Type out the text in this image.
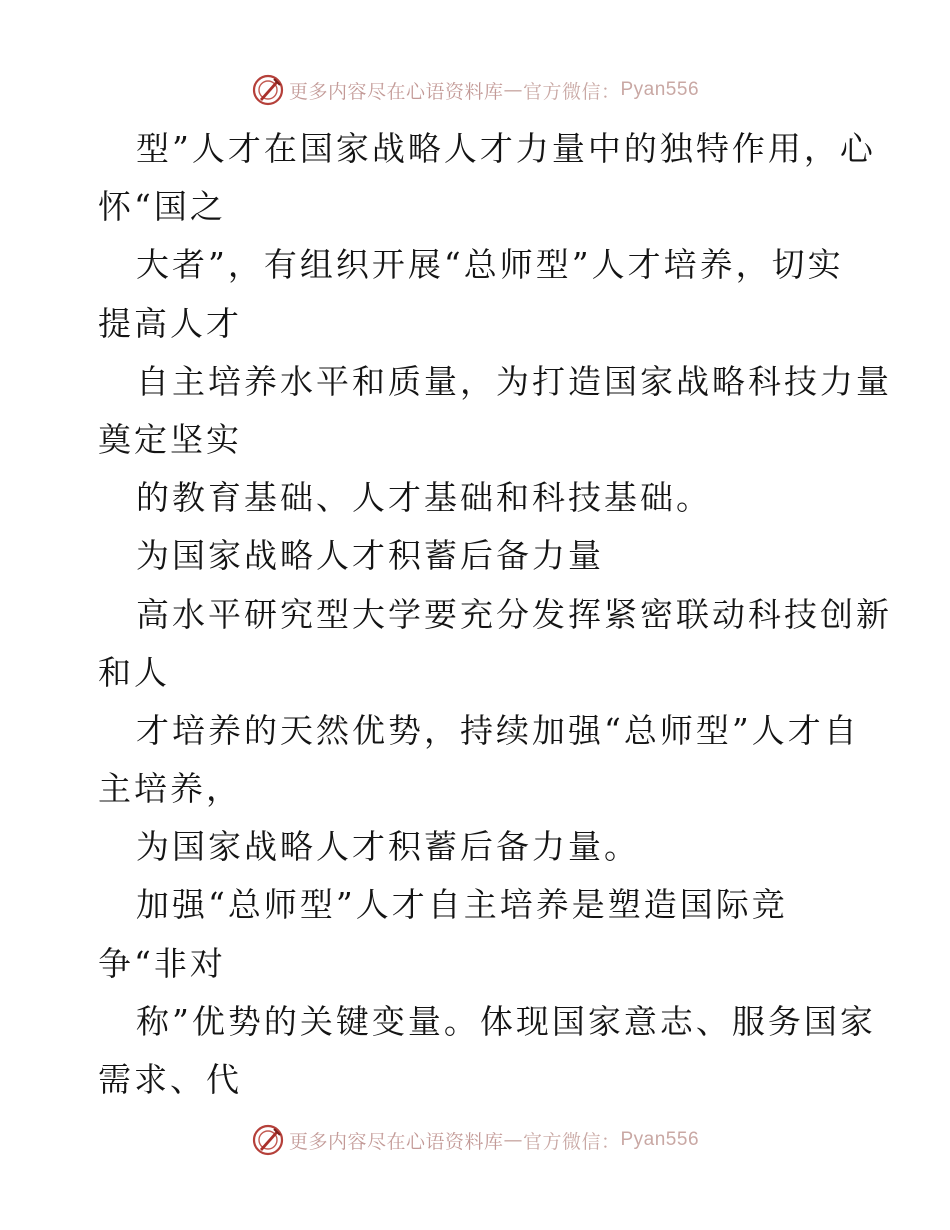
更多内容尽在心语资料库 — 官方微信： Pyan556
型”人才在国家战略人才力量中的独特作用，心
怀“国之
大者”，有组织开展“总师型”人才培养，切实
提高人才
自主培养水平和质量，为打造国家战略科技力量
奠定坚实
的教育基础、人才基础和科技基础。
为国家战略人才积蓄后备力量
高水平研究型大学要充分发挥紧密联动科技创新
和人
才培养的天然优势，持续加强“总师型”人才自
主培养，
为国家战略人才积蓄后备力量。
加强“总师型”人才自主培养是塑造国际竞
争“非对
称”优势的关键变量。体现国家意志、服务国家
需求、代
更多内容尽在心语资料库 — 官方微信： Pyan556
